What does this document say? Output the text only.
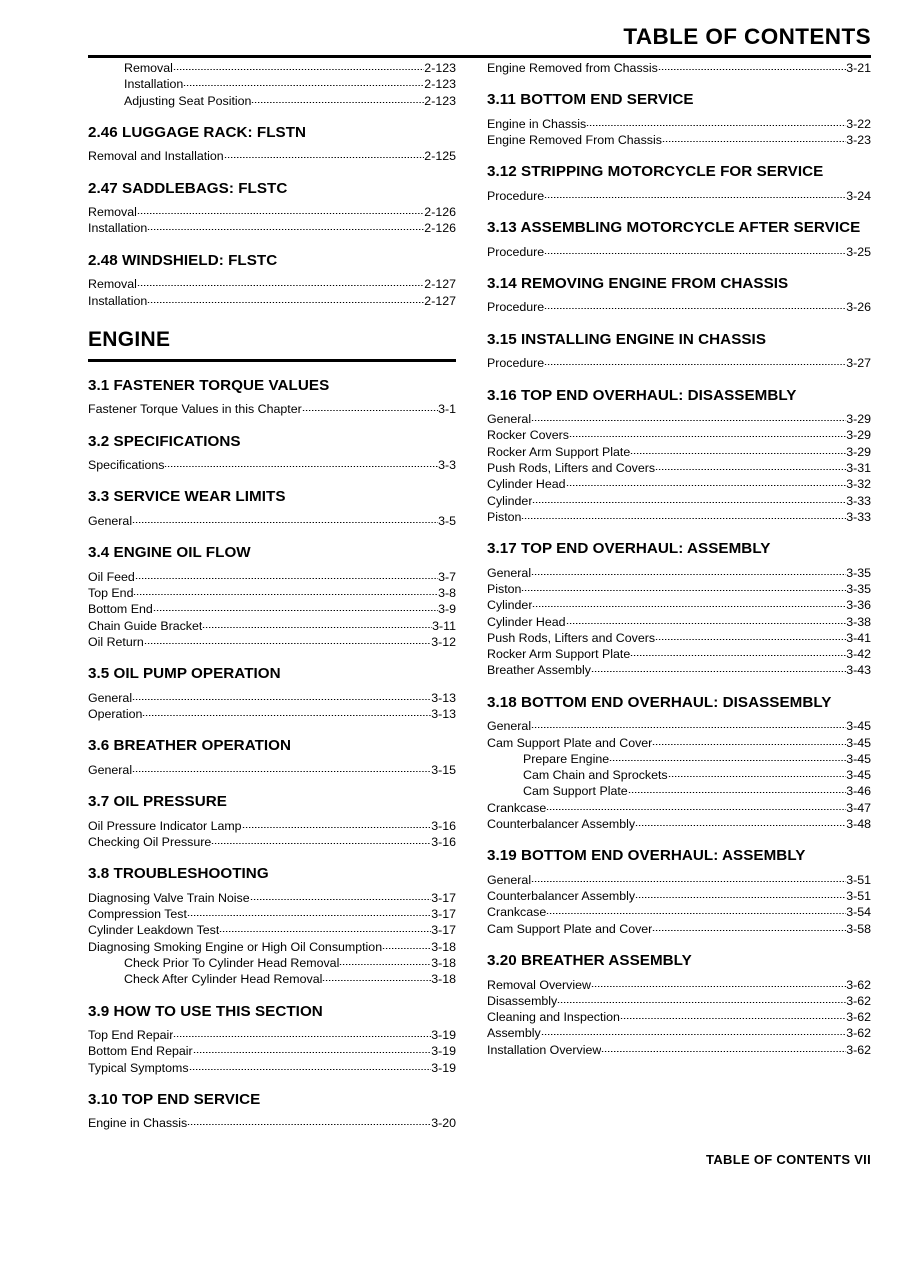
TABLE OF CONTENTS
Removal	2-123
Installation	2-123
Adjusting Seat Position	2-123
2.46 LUGGAGE RACK: FLSTN
Removal and Installation	2-125
2.47 SADDLEBAGS: FLSTC
Removal	2-126
Installation	2-126
2.48 WINDSHIELD: FLSTC
Removal	2-127
Installation	2-127
ENGINE
3.1 FASTENER TORQUE VALUES
Fastener Torque Values in this Chapter	3-1
3.2 SPECIFICATIONS
Specifications	3-3
3.3 SERVICE WEAR LIMITS
General	3-5
3.4 ENGINE OIL FLOW
Oil Feed	3-7
Top End	3-8
Bottom End	3-9
Chain Guide Bracket	3-11
Oil Return	3-12
3.5 OIL PUMP OPERATION
General	3-13
Operation	3-13
3.6 BREATHER OPERATION
General	3-15
3.7 OIL PRESSURE
Oil Pressure Indicator Lamp	3-16
Checking Oil Pressure	3-16
3.8 TROUBLESHOOTING
Diagnosing Valve Train Noise	3-17
Compression Test	3-17
Cylinder Leakdown Test	3-17
Diagnosing Smoking Engine or High Oil Consumption	3-18
Check Prior To Cylinder Head Removal	3-18
Check After Cylinder Head Removal	3-18
3.9 HOW TO USE THIS SECTION
Top End Repair	3-19
Bottom End Repair	3-19
Typical Symptoms	3-19
3.10 TOP END SERVICE
Engine in Chassis	3-20
Engine Removed from Chassis	3-21
3.11 BOTTOM END SERVICE
Engine in Chassis	3-22
Engine Removed From Chassis	3-23
3.12 STRIPPING MOTORCYCLE FOR SERVICE
Procedure	3-24
3.13 ASSEMBLING MOTORCYCLE AFTER SERVICE
Procedure	3-25
3.14 REMOVING ENGINE FROM CHASSIS
Procedure	3-26
3.15 INSTALLING ENGINE IN CHASSIS
Procedure	3-27
3.16 TOP END OVERHAUL: DISASSEMBLY
General	3-29
Rocker Covers	3-29
Rocker Arm Support Plate	3-29
Push Rods, Lifters and Covers	3-31
Cylinder Head	3-32
Cylinder	3-33
Piston	3-33
3.17 TOP END OVERHAUL: ASSEMBLY
General	3-35
Piston	3-35
Cylinder	3-36
Cylinder Head	3-38
Push Rods, Lifters and Covers	3-41
Rocker Arm Support Plate	3-42
Breather Assembly	3-43
3.18 BOTTOM END OVERHAUL: DISASSEMBLY
General	3-45
Cam Support Plate and Cover	3-45
Prepare Engine	3-45
Cam Chain and Sprockets	3-45
Cam Support Plate	3-46
Crankcase	3-47
Counterbalancer Assembly	3-48
3.19 BOTTOM END OVERHAUL: ASSEMBLY
General	3-51
Counterbalancer Assembly	3-51
Crankcase	3-54
Cam Support Plate and Cover	3-58
3.20 BREATHER ASSEMBLY
Removal Overview	3-62
Disassembly	3-62
Cleaning and Inspection	3-62
Assembly	3-62
Installation Overview	3-62
TABLE OF CONTENTS VII
